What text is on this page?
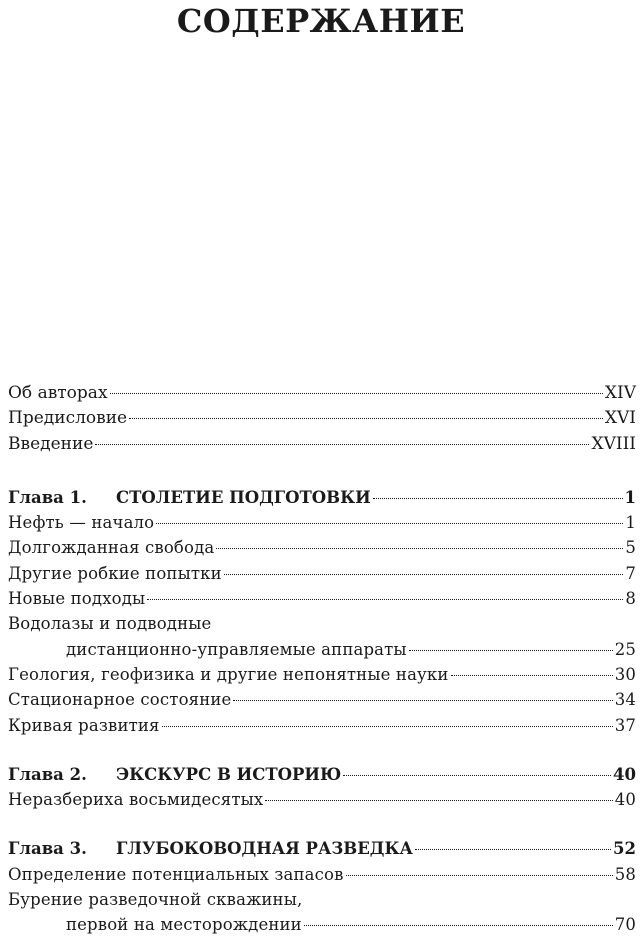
СОДЕРЖАНИЕ
Об авторах	XIV
Предисловие	XVI
Введение	XVIII
Глава 1. СТОЛЕТИЕ ПОДГОТОВКИ	1
Нефть — начало	1
Долгожданная свобода	5
Другие робкие попытки	7
Новые подходы	8
Водолазы и подводные
дистанционно-управляемые аппараты	25
Геология, геофизика и другие непонятные науки	30
Стационарное состояние	34
Кривая развития	37
Глава 2. ЭКСКУРС В ИСТОРИЮ	40
Неразбериха восьмидесятых	40
Глава 3. ГЛУБОКОВОДНАЯ РАЗВЕДКА	52
Определение потенциальных запасов	58
Бурение разведочной скважины,
первой на месторождении	70
